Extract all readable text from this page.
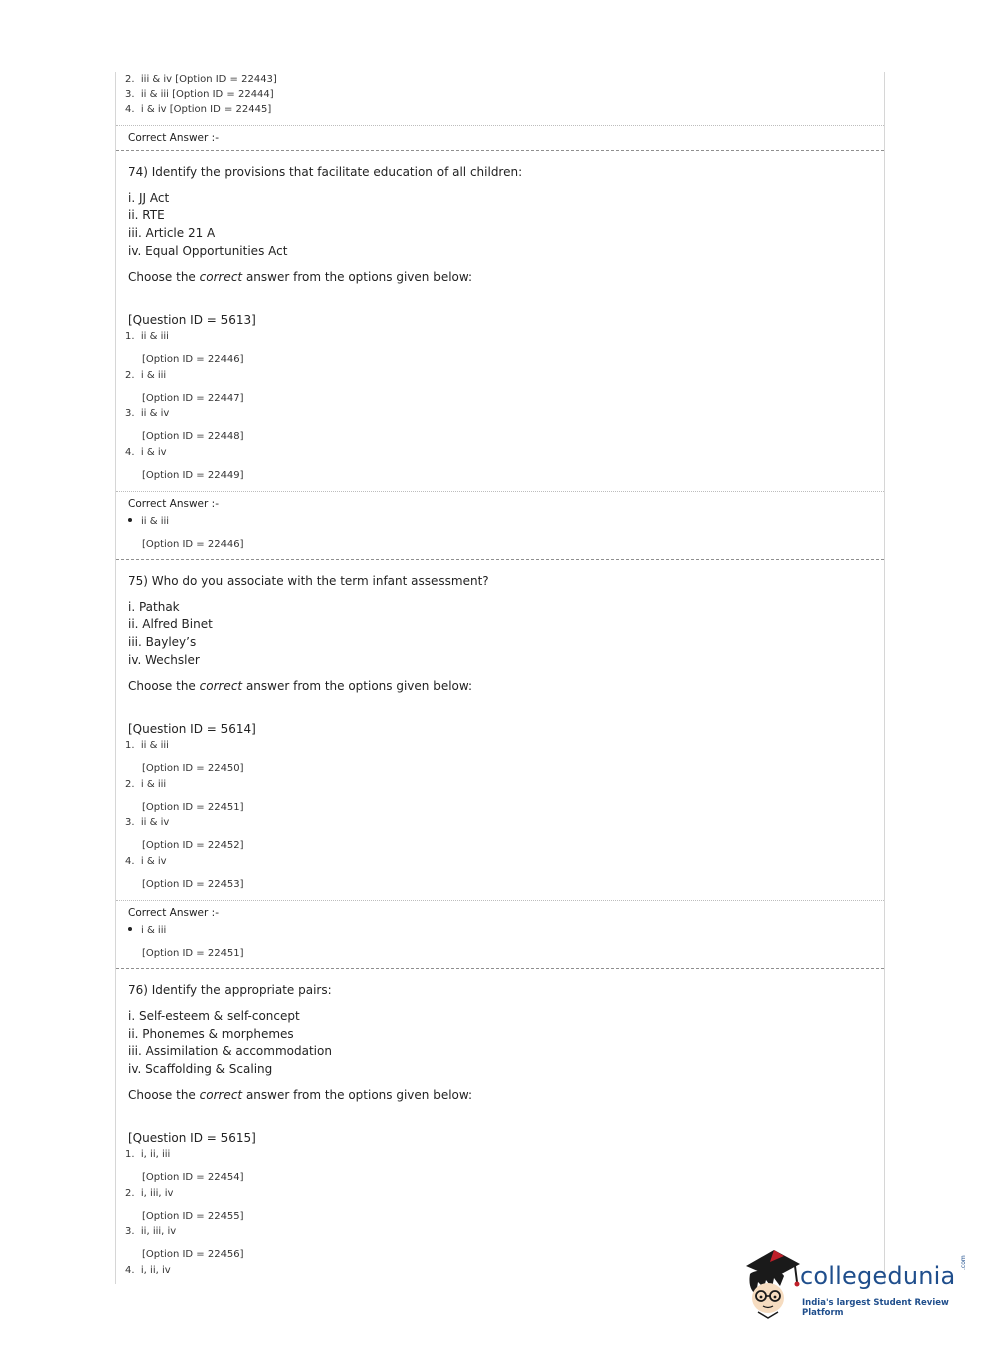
2. iii & iv [Option ID = 22443]
3. ii & iii [Option ID = 22444]
4. i & iv [Option ID = 22445]
Correct Answer :-
74) Identify the provisions that facilitate education of all children:
i. JJ Act
ii. RTE
iii. Article 21 A
iv. Equal Opportunities Act
Choose the correct answer from the options given below:
[Question ID = 5613]
1. ii & iii
[Option ID = 22446]
2. i & iii
[Option ID = 22447]
3. ii & iv
[Option ID = 22448]
4. i & iv
[Option ID = 22449]
Correct Answer :-
ii & iii
[Option ID = 22446]
75) Who do you associate with the term infant assessment?
i. Pathak
ii. Alfred Binet
iii. Bayley’s
iv. Wechsler
Choose the correct answer from the options given below:
[Question ID = 5614]
1. ii & iii
[Option ID = 22450]
2. i & iii
[Option ID = 22451]
3. ii & iv
[Option ID = 22452]
4. i & iv
[Option ID = 22453]
Correct Answer :-
i & iii
[Option ID = 22451]
76) Identify the appropriate pairs:
i. Self-esteem & self-concept
ii. Phonemes & morphemes
iii. Assimilation & accommodation
iv. Scaffolding & Scaling
Choose the correct answer from the options given below:
[Question ID = 5615]
1. i, ii, iii
[Option ID = 22454]
2. i, iii, iv
[Option ID = 22455]
3. ii, iii, iv
[Option ID = 22456]
4. i, ii, iv	collegedunia .com
India's largest Student Review Platform
